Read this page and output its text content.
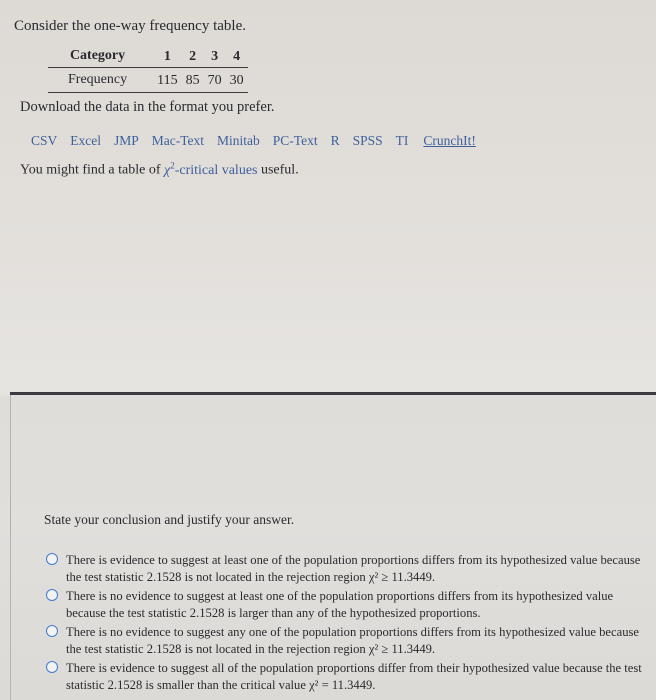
Consider the one-way frequency table.
Category	1	2	3	4
Frequency	115	85	70	30
Download the data in the format you prefer.
CSV Excel JMP Mac-Text Minitab PC-Text R SPSS TI CrunchIt!
You might find a table of χ$^2$-critical values useful.
State your conclusion and justify your answer.
There is evidence to suggest at least one of the population proportions differs from its hypothesized value because the test statistic 2.1528 is not located in the rejection region χ² ≥ 11.3449.
There is no evidence to suggest at least one of the population proportions differs from its hypothesized value because the test statistic 2.1528 is larger than any of the hypothesized proportions.
There is no evidence to suggest any one of the population proportions differs from its hypothesized value because the test statistic 2.1528 is not located in the rejection region χ² ≥ 11.3449.
There is evidence to suggest all of the population proportions differ from their hypothesized value because the test statistic 2.1528 is smaller than the critical value χ² = 11.3449.
